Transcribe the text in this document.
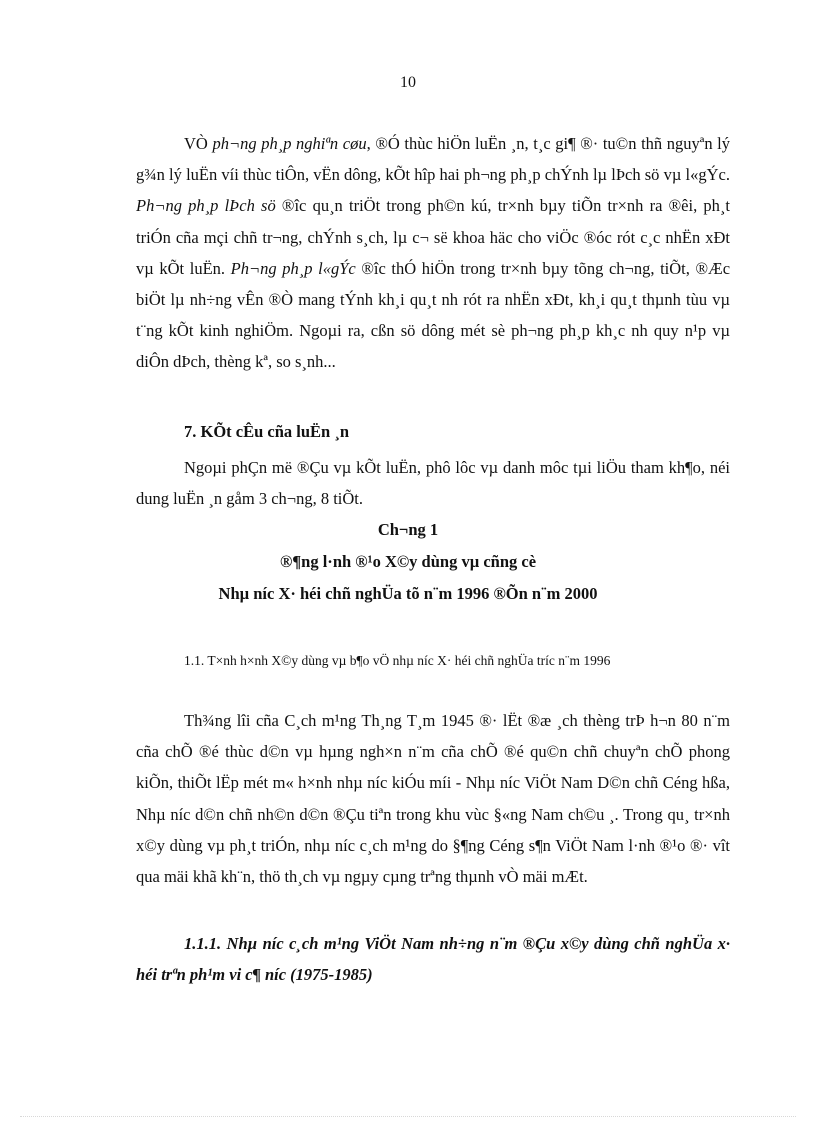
10

VÒ ph¬ng ph¸p nghiªn cøu, ®Ó thùc hiÖn luËn ¸n, t¸c gi¶ ®· tu©n thñ nguyªn lý g¾n lý luËn víi thùc tiÔn, vËn dông, kÕt hîp hai ph¬ng ph¸p chÝnh lµ lÞch sö vµ l«gÝc. Ph¬ng ph¸p lÞch sö ®îc qu¸n triÖt trong ph©n kú, tr×nh bµy tiÕn tr×nh ra ®êi, ph¸t triÓn cña mçi chñ tr¬ng, chÝnh s¸ch, lµ c¬ së khoa häc cho viÖc ®óc rót c¸c nhËn xÐt vµ kÕt luËn. Ph¬ng ph¸p l«gÝc ®îc thÓ hiÖn trong tr×nh bµy tõng ch¬ng, tiÕt, ®Æc biÖt lµ nh÷ng vÊn ®Ò mang tÝnh kh¸i qu¸t nh rót ra nhËn xÐt, kh¸i qu¸t thµnh tùu vµ t¨ng kÕt kinh nghiÖm. Ngoµi ra, cßn sö dông mét sè ph¬ng ph¸p kh¸c nh quy n¹p vµ diÔn dÞch, thèng kª, so s¸nh...

7. KÕt cÊu cña luËn ¸n

Ngoµi phÇn më ®Çu vµ kÕt luËn, phô lôc vµ danh môc tµi liÖu tham kh¶o, néi dung luËn ¸n gåm 3 ch¬ng, 8 tiÕt.

Ch¬ng 1
®¶ng l·nh ®¹o X©y dùng vµ cñng cè
Nhµ níc X· héi chñ nghÜa tõ n¨m 1996 ®Õn n¨m 2000
1.1. T×nh h×nh X©y dùng vµ b¶o vÖ nhµ níc X· héi chñ nghÜa tríc n¨m 1996

Th¾ng lîi cña C¸ch m¹ng Th¸ng T¸m 1945 ®· lËt ®æ ¸ch thèng trÞ h¬n 80 n¨m cña chÕ ®é thùc d©n vµ hµng ngh×n n¨m cña chÕ ®é qu©n chñ chuyªn chÕ phong kiÕn, thiÕt lËp mét m« h×nh nhµ níc kiÓu míi - Nhµ níc ViÖt Nam D©n chñ Céng hßa, Nhµ níc d©n chñ nh©n d©n ®Çu tiªn trong khu vùc §«ng Nam ch©u ¸. Trong qu¸ tr×nh x©y dùng vµ ph¸t triÓn, nhµ níc c¸ch m¹ng do §¶ng Céng s¶n ViÖt Nam l·nh ®¹o ®· vît qua mäi khã kh¨n, thö th¸ch vµ ngµy cµng trªng thµnh vÒ mäi mÆt.

1.1.1. Nhµ níc c¸ch m¹ng ViÖt Nam nh÷ng n¨m ®Çu x©y dùng chñ nghÜa x· héi trªn ph¹m vi c¶ níc (1975-1985)
